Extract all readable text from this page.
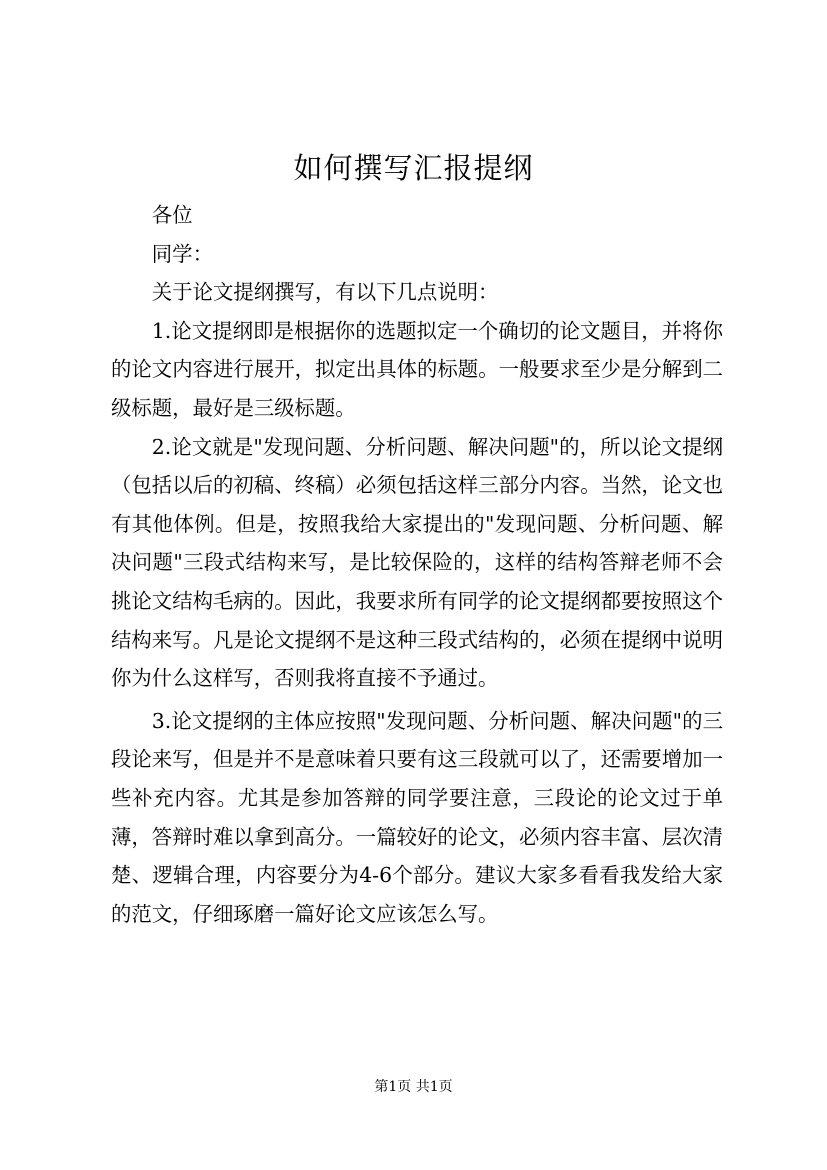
如何撰写汇报提纲

各位

同学：

关于论文提纲撰写，有以下几点说明：

1.论文提纲即是根据你的选题拟定一个确切的论文题目，并将你的论文内容进行展开，拟定出具体的标题。一般要求至少是分解到二级标题，最好是三级标题。

2.论文就是"发现问题、分析问题、解决问题"的，所以论文提纲（包括以后的初稿、终稿）必须包括这样三部分内容。当然，论文也有其他体例。但是，按照我给大家提出的"发现问题、分析问题、解决问题"三段式结构来写，是比较保险的，这样的结构答辩老师不会挑论文结构毛病的。因此，我要求所有同学的论文提纲都要按照这个结构来写。凡是论文提纲不是这种三段式结构的，必须在提纲中说明你为什么这样写，否则我将直接不予通过。

3.论文提纲的主体应按照"发现问题、分析问题、解决问题"的三段论来写，但是并不是意味着只要有这三段就可以了，还需要增加一些补充内容。尤其是参加答辩的同学要注意，三段论的论文过于单薄，答辩时难以拿到高分。一篇较好的论文，必须内容丰富、层次清楚、逻辑合理，内容要分为4-6个部分。建议大家多看看我发给大家的范文，仔细琢磨一篇好论文应该怎么写。

第1页 共1页
